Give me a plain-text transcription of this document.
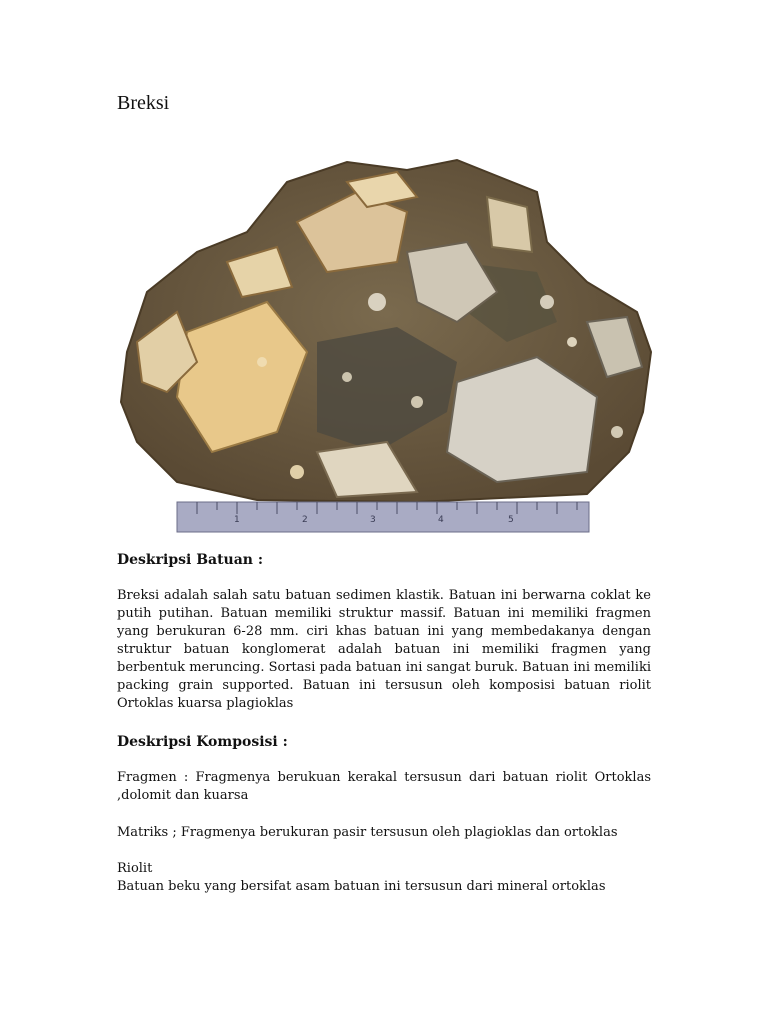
Breksi
1	2	3	4	5
Deskripsi Batuan :

Breksi adalah salah satu batuan sedimen klastik. Batuan ini berwarna coklat ke putih putihan. Batuan memiliki struktur massif. Batuan ini memiliki fragmen yang berukuran 6-28 mm. ciri khas batuan ini yang membedakanya dengan struktur batuan konglomerat adalah batuan ini memiliki fragmen yang berbentuk meruncing. Sortasi pada batuan ini sangat buruk. Batuan ini memiliki packing grain supported. Batuan ini tersusun oleh komposisi batuan riolit Ortoklas kuarsa plagioklas

Deskripsi Komposisi :

Fragmen : Fragmenya berukuan kerakal tersusun dari batuan riolit Ortoklas ,dolomit dan kuarsa

Matriks ; Fragmenya berukuran pasir tersusun oleh plagioklas dan ortoklas

Riolit

Batuan beku yang bersifat asam batuan ini tersusun dari mineral ortoklas
